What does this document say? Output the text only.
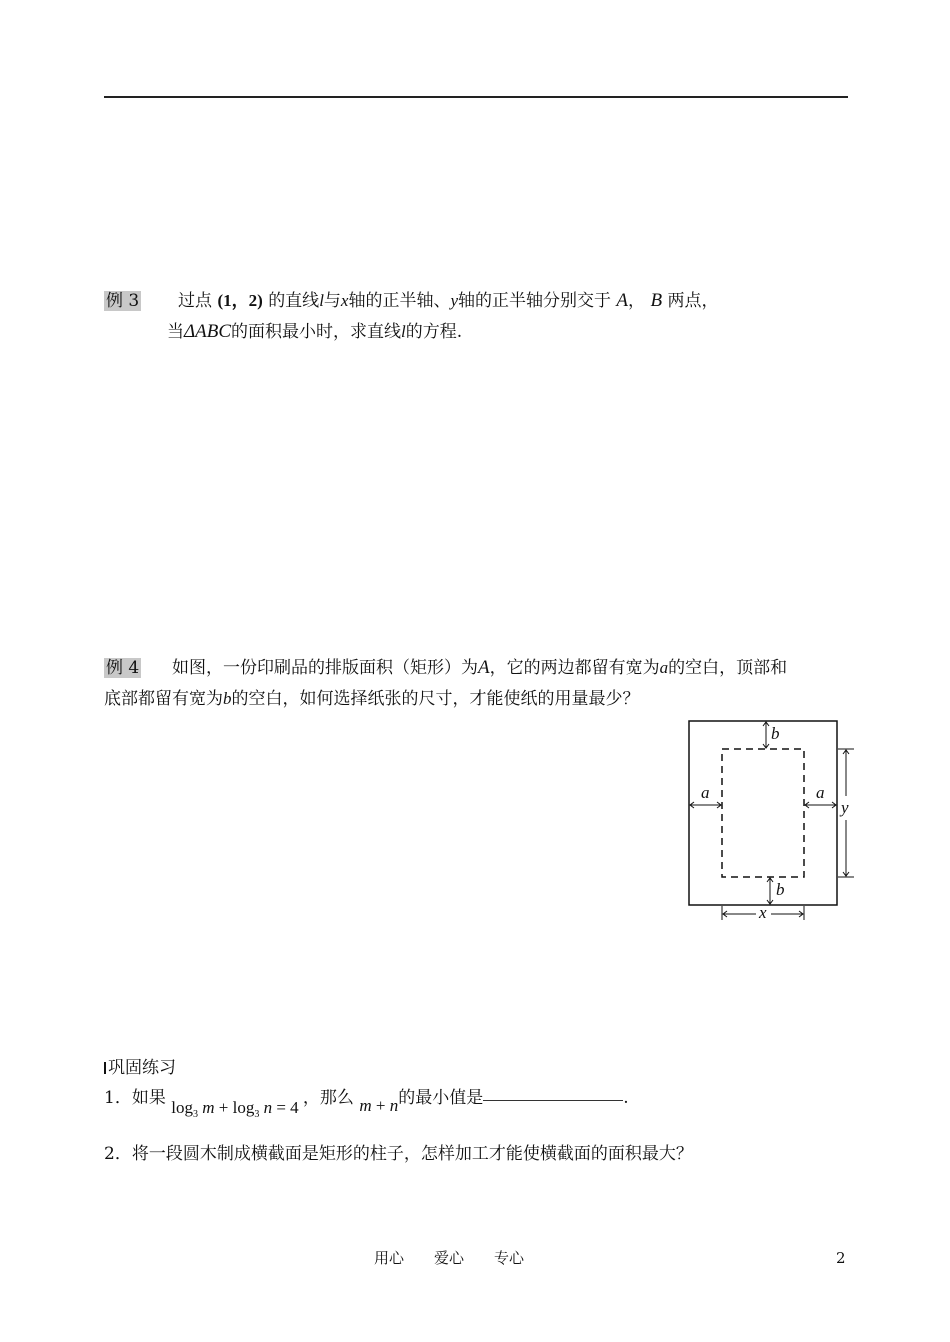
例 3 过点 (1，2) 的直线l与x轴的正半轴、y轴的正半轴分别交于 A， B 两点，
当ΔABC的面积最小时，求直线l的方程.
例 4 如图，一份印刷品的排版面积（矩形）为A，它的两边都留有宽为a的空白，顶部和
底部都留有宽为b的空白，如何选择纸张的尺寸，才能使纸的用量最少？
b
b
a	a
y
x
巩固练习
1．如果 $\log_3 m + \log_3 n = 4$ ，那么 m + n的最小值是	.
2．将一段圆木制成横截面是矩形的柱子，怎样加工才能使横截面的面积最大？
用心　　爱心　　专心	2
